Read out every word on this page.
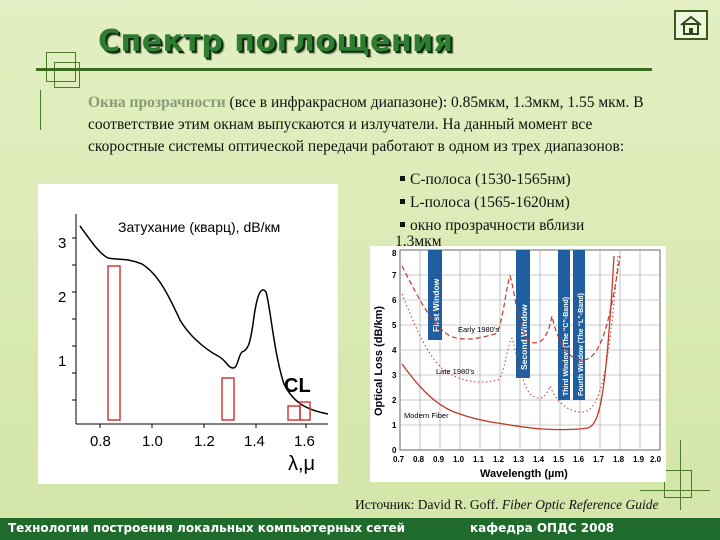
Спектр поглощения
Окна прозрачности (все в инфракрасном диапазоне): 0.85мкм, 1.3мкм, 1.55 мкм. В соответствие этим окнам выпускаются и излучатели. На данный момент все скоростные системы оптической передачи работают в одном из трех диапазонов:
Затухание (кварц), dB/км
3
2
1
0.8 1.0 1.2 1.4 1.6
λ,μ
CL
C-полоса (1530-1565нм)
L-полоса (1565-1620нм)
окно прозрачности вблизи
First Window	Second Window	Third Window (The “C”-Band) Fourth Window (The “L”-Band)
Early 1980's
Late 1980's
Modern Fiber
Optical Loss (dB/km)
0
1
2
3
4
5
6
7
8
0.7 0.8 0.9 1.0 1.1 1.2 1.3 1.4 1.5 1.6 1.7 1.8 1.9 2.0
Wavelength (µm)
1.3мкм
Источник: David R. Goff. Fiber Optic Reference Guide
Технологии построения локальных компьютерных сетей	кафедра ОПДС 2008
